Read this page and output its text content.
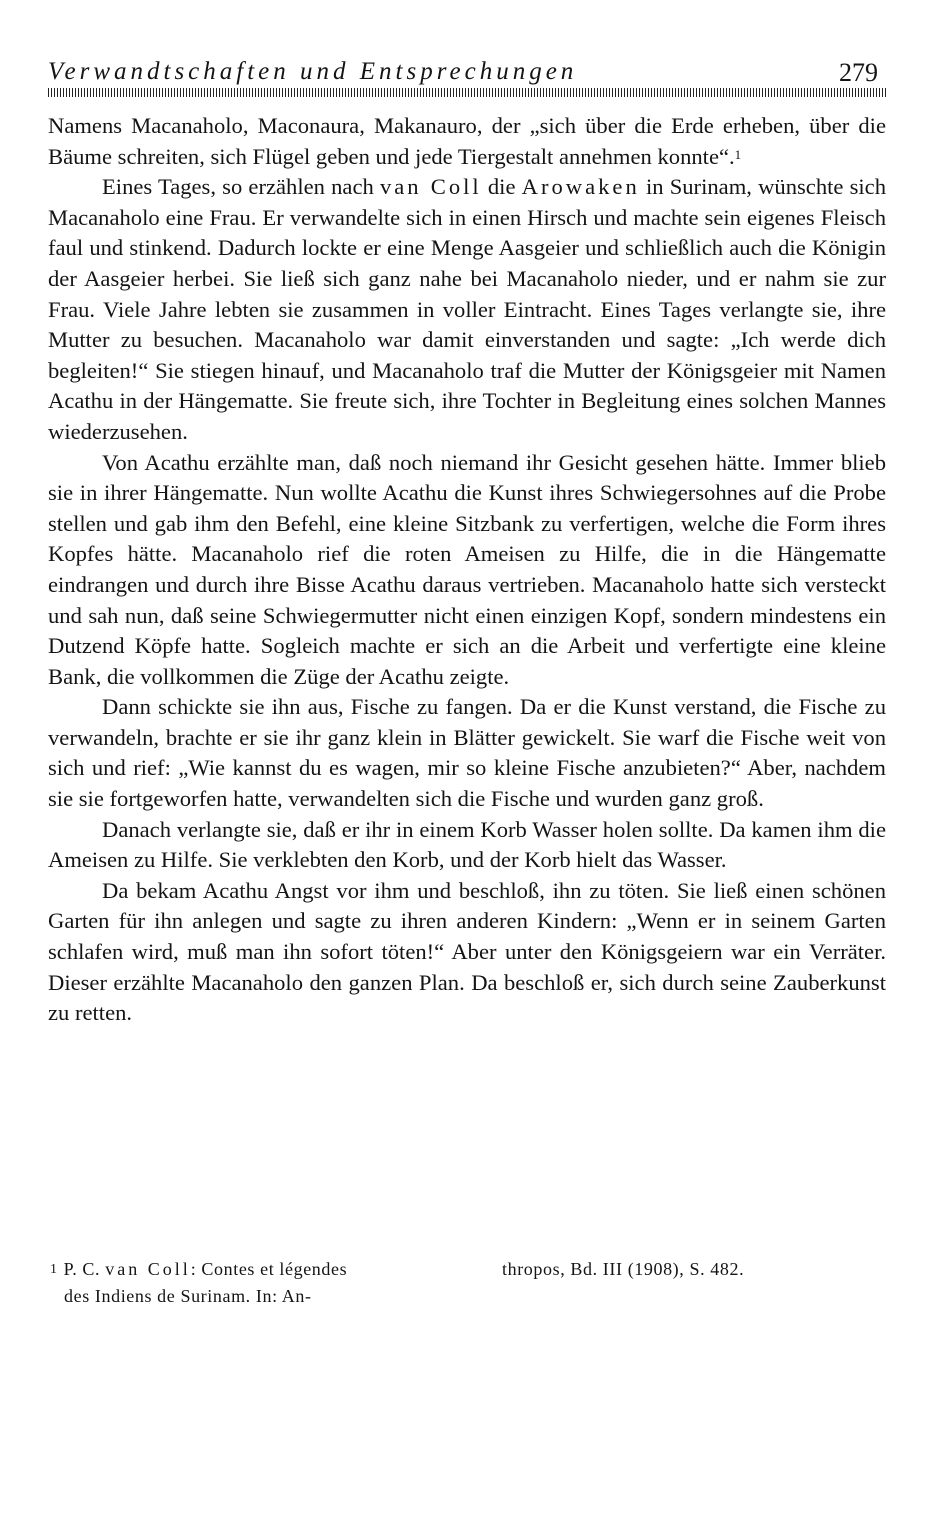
Verwandtschaften und Entsprechungen	279

Namens Macanaholo, Maconaura, Makanauro, der „sich über die Erde erheben, über die Bäume schreiten, sich Flügel geben und jede Tiergestalt annehmen konnte“.$^1$

Eines Tages, so erzählen nach van Coll die Arowaken in Surinam, wünschte sich Macanaholo eine Frau. Er verwandelte sich in einen Hirsch und machte sein eigenes Fleisch faul und stinkend. Dadurch lockte er eine Menge Aasgeier und schließlich auch die Königin der Aasgeier herbei. Sie ließ sich ganz nahe bei Macanaholo nieder, und er nahm sie zur Frau. Viele Jahre lebten sie zusammen in voller Eintracht. Eines Tages verlangte sie, ihre Mutter zu besuchen. Macanaholo war damit einverstanden und sagte: „Ich werde dich begleiten!“ Sie stiegen hinauf, und Macanaholo traf die Mutter der Königsgeier mit Namen Acathu in der Hängematte. Sie freute sich, ihre Tochter in Begleitung eines solchen Mannes wiederzusehen.

Von Acathu erzählte man, daß noch niemand ihr Gesicht gesehen hätte. Immer blieb sie in ihrer Hängematte. Nun wollte Acathu die Kunst ihres Schwiegersohnes auf die Probe stellen und gab ihm den Befehl, eine kleine Sitzbank zu verfertigen, welche die Form ihres Kopfes hätte. Macanaholo rief die roten Ameisen zu Hilfe, die in die Hängematte eindrangen und durch ihre Bisse Acathu daraus vertrieben. Macanaholo hatte sich versteckt und sah nun, daß seine Schwiegermutter nicht einen einzigen Kopf, sondern mindestens ein Dutzend Köpfe hatte. Sogleich machte er sich an die Arbeit und verfertigte eine kleine Bank, die vollkommen die Züge der Acathu zeigte.

Dann schickte sie ihn aus, Fische zu fangen. Da er die Kunst verstand, die Fische zu verwandeln, brachte er sie ihr ganz klein in Blätter gewickelt. Sie warf die Fische weit von sich und rief: „Wie kannst du es wagen, mir so kleine Fische anzubieten?“ Aber, nachdem sie sie fortgeworfen hatte, verwandelten sich die Fische und wurden ganz groß.

Danach verlangte sie, daß er ihr in einem Korb Wasser holen sollte. Da kamen ihm die Ameisen zu Hilfe. Sie verklebten den Korb, und der Korb hielt das Wasser.

Da bekam Acathu Angst vor ihm und beschloß, ihn zu töten. Sie ließ einen schönen Garten für ihn anlegen und sagte zu ihren anderen Kindern: „Wenn er in seinem Garten schlafen wird, muß man ihn sofort töten!“ Aber unter den Königsgeiern war ein Verräter. Dieser erzählte Macanaholo den ganzen Plan. Da beschloß er, sich durch seine Zauberkunst zu retten.

$^1$ P. C. van Coll: Contes et légendes
des Indiens de Surinam. In: An-
thropos, Bd. III (1908), S. 482.
